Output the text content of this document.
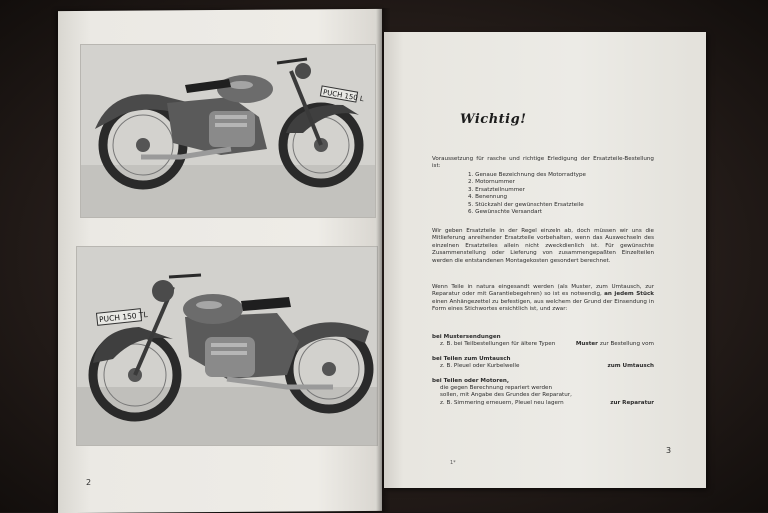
PUCH 150 L
PUCH 150 TL
2
Wichtig!
Voraussetzung für rasche und richtige Erledigung der Ersatzteile-Bestellung ist:
1. Genaue Bezeichnung des Motorradtype
2. Motornummer
3. Ersatzteilnummer
4. Benennung
5. Stückzahl der gewünschten Ersatzteile
6. Gewünschte Versandart
Wir geben Ersatzteile in der Regel einzeln ab, doch müssen wir uns die Mitlieferung anreihender Ersatzteile vorbehalten, wenn das Auswechseln des einzelnen Ersatzteiles allein nicht zweckdienlich ist. Für gewünschte Zusammenstellung oder Lieferung von zusammengepaßten Einzelteilen werden die entstandenen Montagekosten gesondert berechnet.
Wenn Teile in natura eingesandt werden (als Muster, zum Umtausch, zur Reparatur oder mit Garantiebegehren) so ist es notwendig, an jedem Stück einen Anhängezettel zu befestigen, aus welchem der Grund der Einsendung in Form eines Stichwortes ersichtlich ist, und zwar:
bei Mustersendungen
z. B. bei Teilbestellungen für ältere Typen	Muster zur Bestellung vom
bei Teilen zum Umtausch
z. B. Pleuel oder Kurbelwelle	zum Umtausch
bei Teilen oder Motoren,
die gegen Berechnung repariert werden sollen, mit Angabe des Grundes der Reparatur, z. B. Simmering erneuern, Pleuel neu lagern	zur Reparatur
1*
3
